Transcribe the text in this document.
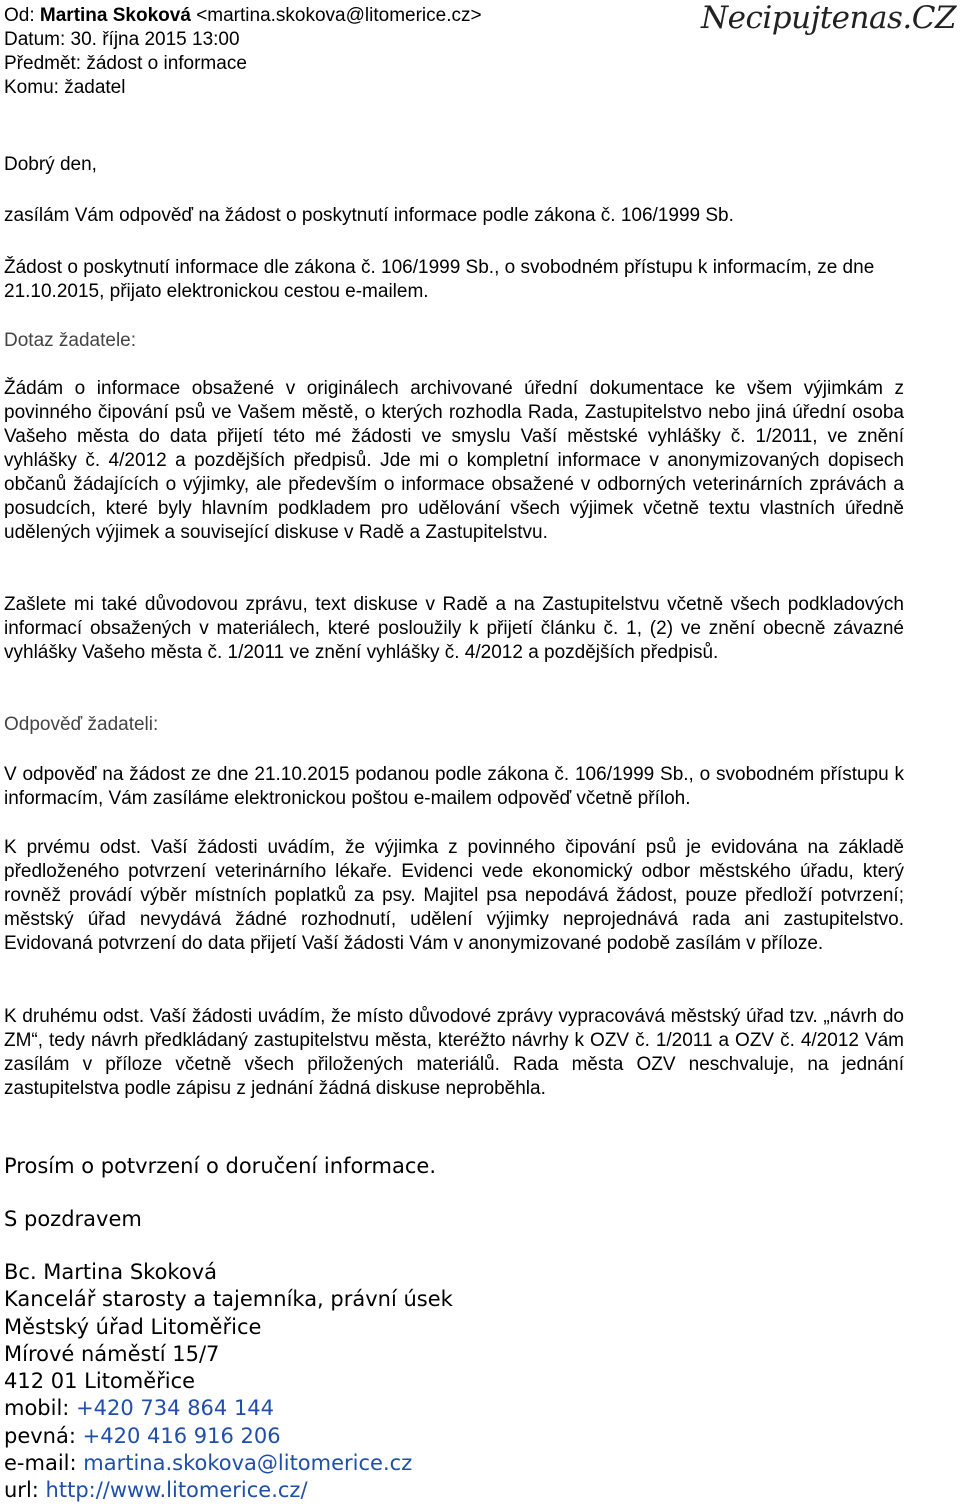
Od: Martina Skoková <martina.skokova@litomerice.cz>
Datum: 30. října 2015 13:00
Předmět: žádost o informace
Komu: žadatel
Necipujtenas.CZ
Dobrý den,
zasílám Vám odpověď na žádost o poskytnutí informace podle zákona č. 106/1999 Sb.
Žádost o poskytnutí informace dle zákona č. 106/1999 Sb., o svobodném přístupu k informacím, ze dne 21.10.2015, přijato elektronickou cestou e-mailem.
Dotaz žadatele:
Žádám o informace obsažené v originálech archivované úřední dokumentace ke všem výjimkám z povinného čipování psů ve Vašem městě, o kterých rozhodla Rada, Zastupitelstvo nebo jiná úřední osoba Vašeho města do data přijetí této mé žádosti ve smyslu Vaší městské vyhlášky č. 1/2011, ve znění vyhlášky č. 4/2012 a pozdějších předpisů. Jde mi o kompletní informace v anonymizovaných dopisech občanů žádajících o výjimky, ale především o informace obsažené v odborných veterinárních zprávách a posudcích, které byly hlavním podkladem pro udělování všech výjimek včetně textu vlastních úředně udělených výjimek a související diskuse v Radě a Zastupitelstvu.
Zašlete mi také důvodovou zprávu, text diskuse v Radě a na Zastupitelstvu včetně všech podkladových informací obsažených v materiálech, které posloužily k přijetí článku č. 1, (2) ve znění obecně závazné vyhlášky Vašeho města č. 1/2011 ve znění vyhlášky č. 4/2012 a pozdějších předpisů.
Odpověď žadateli:
V odpověď na žádost ze dne 21.10.2015 podanou podle zákona č. 106/1999 Sb., o svobodném přístupu k informacím, Vám zasíláme elektronickou poštou e-mailem odpověď včetně příloh.
K prvému odst. Vaší žádosti uvádím, že výjimka z povinného čipování psů je evidována na základě předloženého potvrzení veterinárního lékaře. Evidenci vede ekonomický odbor městského úřadu, který rovněž provádí výběr místních poplatků za psy. Majitel psa nepodává žádost, pouze předloží potvrzení; městský úřad nevydává žádné rozhodnutí, udělení výjimky neprojednává rada ani zastupitelstvo. Evidovaná potvrzení do data přijetí Vaší žádosti Vám v anonymizované podobě zasílám v příloze.
K druhému odst. Vaší žádosti uvádím, že místo důvodové zprávy vypracovává městský úřad tzv. „návrh do ZM“, tedy návrh předkládaný zastupitelstvu města, kteréžto návrhy k OZV č. 1/2011 a OZV č. 4/2012 Vám zasílám v příloze včetně všech přiložených materiálů. Rada města OZV neschvaluje, na jednání zastupitelstva podle zápisu z jednání žádná diskuse neproběhla.
Prosím o potvrzení o doručení informace.
S pozdravem
Bc. Martina Skoková
Kancelář starosty a tajemníka, právní úsek
Městský úřad Litoměřice
Mírové náměstí 15/7
412 01 Litoměřice
mobil: +420 734 864 144
pevná: +420 416 916 206
e-mail: martina.skokova@litomerice.cz
url: http://www.litomerice.cz/
